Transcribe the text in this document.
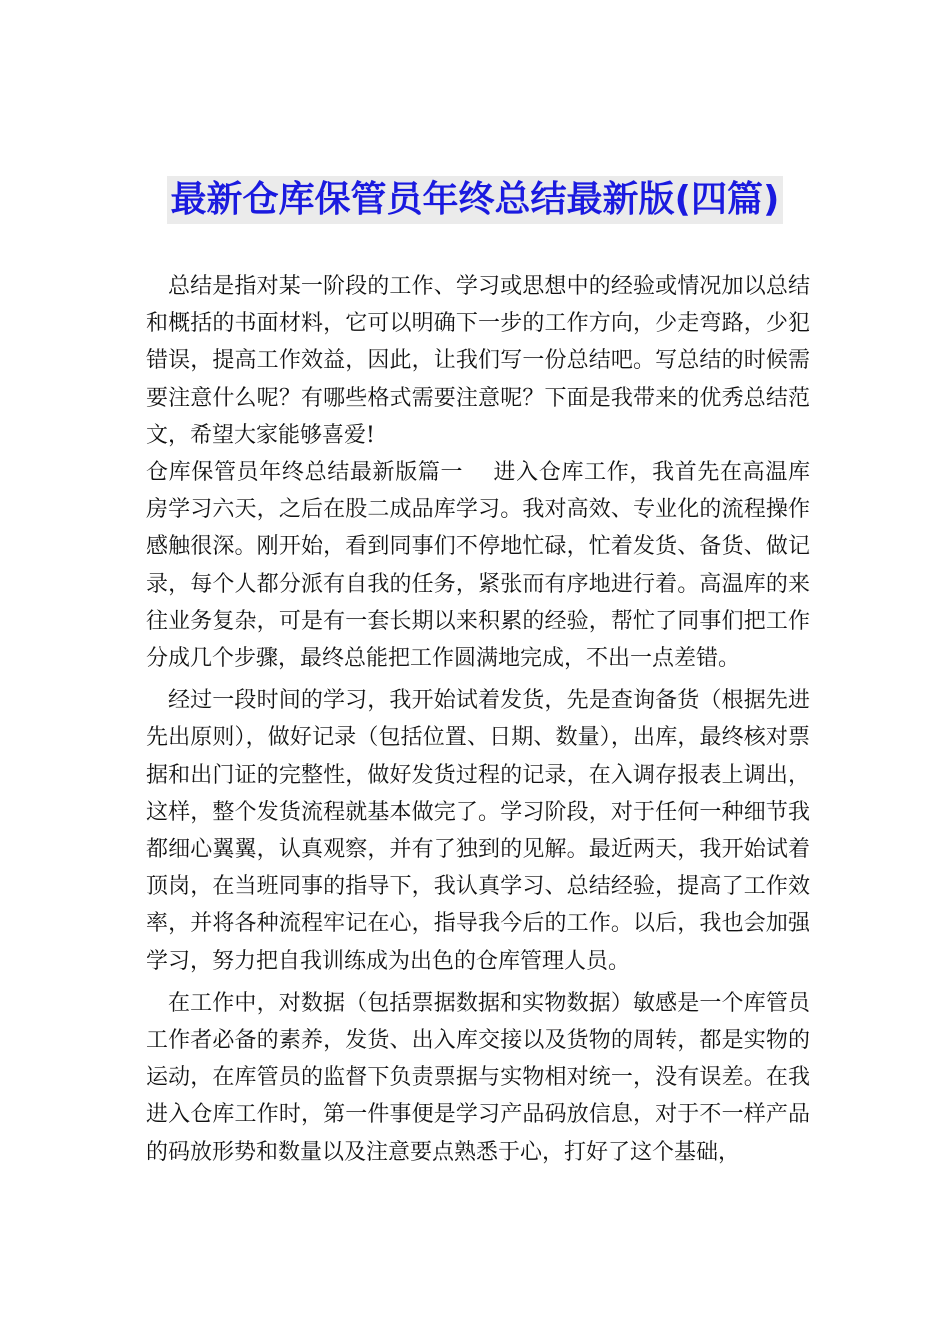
最新仓库保管员年终总结最新版(四篇)

总结是指对某一阶段的工作、学习或思想中的经验或情况加以总结和概括的书面材料，它可以明确下一步的工作方向，少走弯路，少犯错误，提高工作效益，因此，让我们写一份总结吧。写总结的时候需要注意什么呢？有哪些格式需要注意呢？下面是我带来的优秀总结范文，希望大家能够喜爱!

仓库保管员年终总结最新版篇一　 进入仓库工作，我首先在高温库房学习六天，之后在股二成品库学习。我对高效、专业化的流程操作感触很深。刚开始，看到同事们不停地忙碌，忙着发货、备货、做记录，每个人都分派有自我的任务，紧张而有序地进行着。高温库的来往业务复杂，可是有一套长期以来积累的经验，帮忙了同事们把工作分成几个步骤，最终总能把工作圆满地完成，不出一点差错。

经过一段时间的学习，我开始试着发货，先是查询备货（根据先进先出原则），做好记录（包括位置、日期、数量），出库，最终核对票据和出门证的完整性，做好发货过程的记录，在入调存报表上调出，这样，整个发货流程就基本做完了。学习阶段，对于任何一种细节我都细心翼翼，认真观察，并有了独到的见解。最近两天，我开始试着顶岗，在当班同事的指导下，我认真学习、总结经验，提高了工作效率，并将各种流程牢记在心，指导我今后的工作。以后，我也会加强学习，努力把自我训练成为出色的仓库管理人员。

在工作中，对数据（包括票据数据和实物数据）敏感是一个库管员工作者必备的素养，发货、出入库交接以及货物的周转，都是实物的运动，在库管员的监督下负责票据与实物相对统一，没有误差。在我进入仓库工作时，第一件事便是学习产品码放信息，对于不一样产品的码放形势和数量以及注意要点熟悉于心，打好了这个基础，
